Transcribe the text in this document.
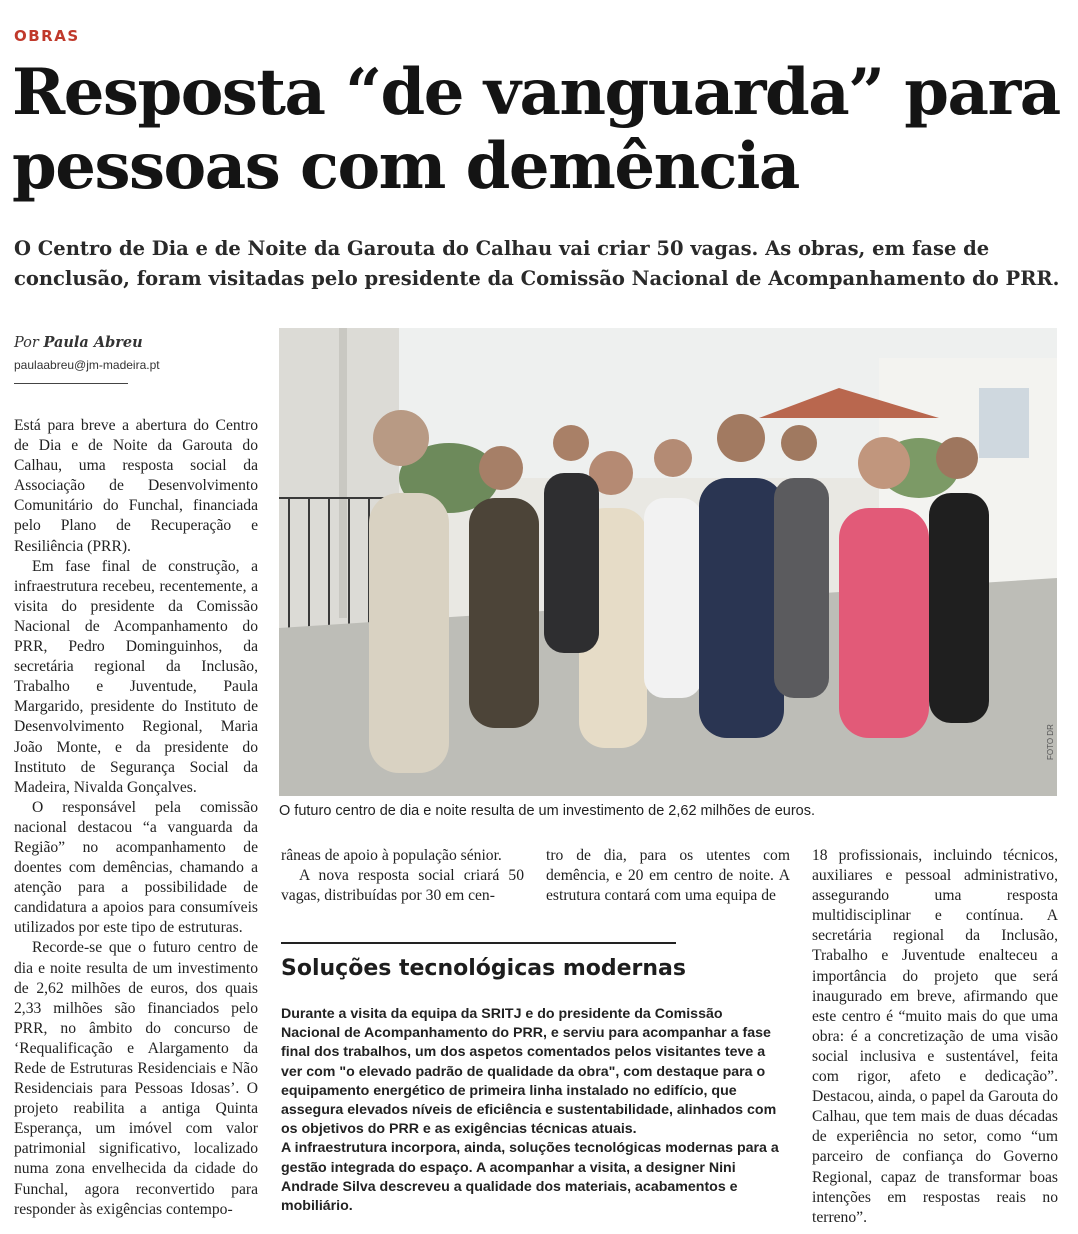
OBRAS
Resposta “de vanguarda” para pessoas com demência

O Centro de Dia e de Noite da Garouta do Calhau vai criar 50 vagas. As obras, em fase de conclusão, foram visitadas pelo presidente da Comissão Nacional de Acompanhamento do PRR.

Por Paula Abreu
paulaabreu@jm-madeira.pt

Está para breve a abertura do Centro de Dia e de Noite da Garouta do Calhau, uma resposta social da Associação de Desenvolvimento Comunitário do Funchal, financiada pelo Plano de Recuperação e Resiliência (PRR).

Em fase final de construção, a infraestrutura recebeu, recentemente, a visita do presidente da Comissão Nacional de Acompanhamento do PRR, Pedro Dominguinhos, da secretária regional da Inclusão, Trabalho e Juventude, Paula Margarido, presidente do Instituto de Desenvolvimento Regional, Maria João Monte, e da presidente do Instituto de Segurança Social da Madeira, Nivalda Gonçalves.

O responsável pela comissão nacional destacou “a vanguarda da Região” no acompanhamento de doentes com demências, chamando a atenção para a possibilidade de candidatura a apoios para consumíveis utilizados por este tipo de estruturas.

Recorde-se que o futuro centro de dia e noite resulta de um investimento de 2,62 milhões de euros, dos quais 2,33 milhões são financiados pelo PRR, no âmbito do concurso de ‘Requalificação e Alargamento da Rede de Estruturas Residenciais e Não Residenciais para Pessoas Idosas’. O projeto reabilita a antiga Quinta Esperança, um imóvel com valor patrimonial significativo, localizado numa zona envelhecida da cidade do Funchal, agora reconvertido para responder às exigências contempo-

FOTO DR
O futuro centro de dia e noite resulta de um investimento de 2,62 milhões de euros.

râneas de apoio à população sénior.

A nova resposta social criará 50 vagas, distribuídas por 30 em cen-

tro de dia, para os utentes com demência, e 20 em centro de noite. A estrutura contará com uma equipa de

18 profissionais, incluindo técnicos, auxiliares e pessoal administrativo, assegurando uma resposta multidisciplinar e contínua. A secretária regional da Inclusão, Trabalho e Juventude enalteceu a importância do projeto que será inaugurado em breve, afirmando que este centro é “muito mais do que uma obra: é a concretização de uma visão social inclusiva e sustentável, feita com rigor, afeto e dedicação”. Destacou, ainda, o papel da Garouta do Calhau, que tem mais de duas décadas de experiência no setor, como “um parceiro de confiança do Governo Regional, capaz de transformar boas intenções em respostas reais no terreno”.

Soluções tecnológicas modernas

Durante a visita da equipa da SRITJ e do presidente da Comissão Nacional de Acompanhamento do PRR, e serviu para acompanhar a fase final dos trabalhos, um dos aspetos comentados pelos visitantes teve a ver com "o elevado padrão de qualidade da obra", com destaque para o equipamento energético de primeira linha instalado no edifício, que assegura elevados níveis de eficiência e sustentabilidade, alinhados com os objetivos do PRR e as exigências técnicas atuais.

A infraestrutura incorpora, ainda, soluções tecnológicas modernas para a gestão integrada do espaço. A acompanhar a visita, a designer Nini Andrade Silva descreveu a qualidade dos materiais, acabamentos e mobiliário.
